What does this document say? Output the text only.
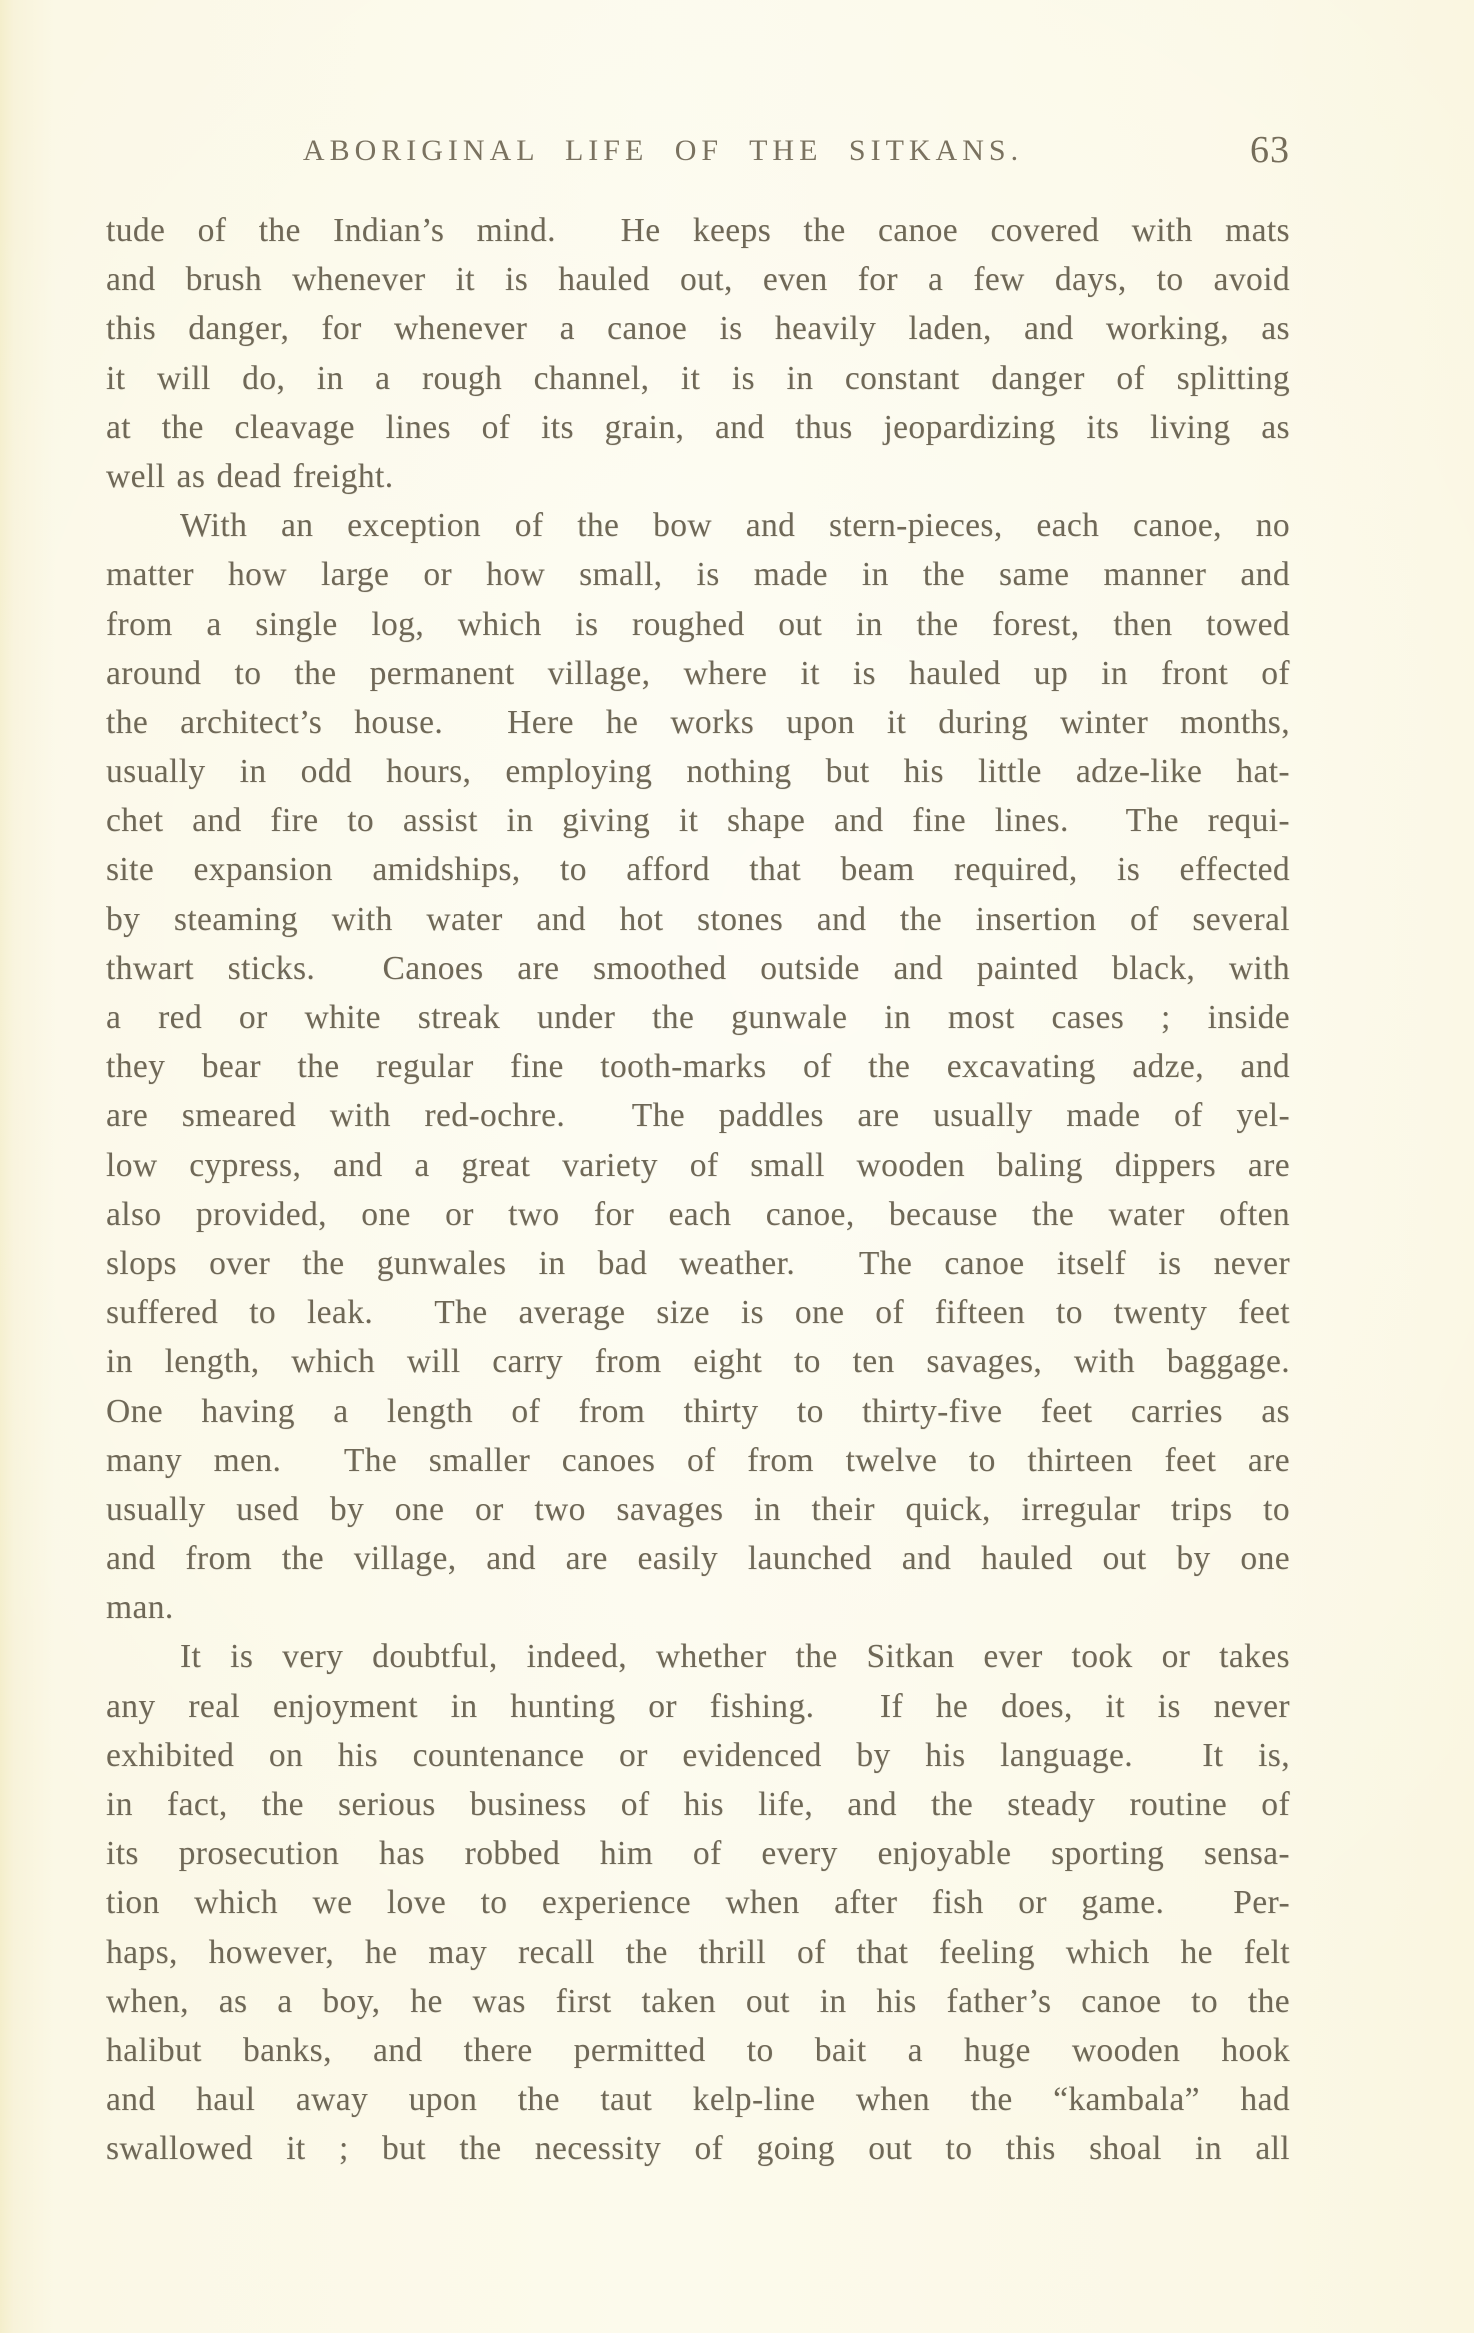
ABORIGINAL LIFE OF THE SITKANS.	63
tude of the Indian’s mind.  He keeps the canoe covered with mats
and brush whenever it is hauled out, even for a few days, to avoid
this danger, for whenever a canoe is heavily laden, and working, as
it will do, in a rough channel, it is in constant danger of splitting
at the cleavage lines of its grain, and thus jeopardizing its living as
well as dead freight.
With an exception of the bow and stern-pieces, each canoe, no
matter how large or how small, is made in the same manner and
from a single log, which is roughed out in the forest, then towed
around to the permanent village, where it is hauled up in front of
the architect’s house.  Here he works upon it during winter months,
usually in odd hours, employing nothing but his little adze-like hat-
chet and fire to assist in giving it shape and fine lines.  The requi-
site expansion amidships, to afford that beam required, is effected
by steaming with water and hot stones and the insertion of several
thwart sticks.  Canoes are smoothed outside and painted black, with
a red or white streak under the gunwale in most cases ; inside
they bear the regular fine tooth-marks of the excavating adze, and
are smeared with red-ochre.  The paddles are usually made of yel-
low cypress, and a great variety of small wooden baling dippers are
also provided, one or two for each canoe, because the water often
slops over the gunwales in bad weather.  The canoe itself is never
suffered to leak.  The average size is one of fifteen to twenty feet
in length, which will carry from eight to ten savages, with baggage.
One having a length of from thirty to thirty-five feet carries as
many men.  The smaller canoes of from twelve to thirteen feet are
usually used by one or two savages in their quick, irregular trips to
and from the village, and are easily launched and hauled out by one
man.
It is very doubtful, indeed, whether the Sitkan ever took or takes
any real enjoyment in hunting or fishing.  If he does, it is never
exhibited on his countenance or evidenced by his language.  It is,
in fact, the serious business of his life, and the steady routine of
its prosecution has robbed him of every enjoyable sporting sensa-
tion which we love to experience when after fish or game.  Per-
haps, however, he may recall the thrill of that feeling which he felt
when, as a boy, he was first taken out in his father’s canoe to the
halibut banks, and there permitted to bait a huge wooden hook
and haul away upon the taut kelp-line when the “kambala” had
swallowed it ; but the necessity of going out to this shoal in all
